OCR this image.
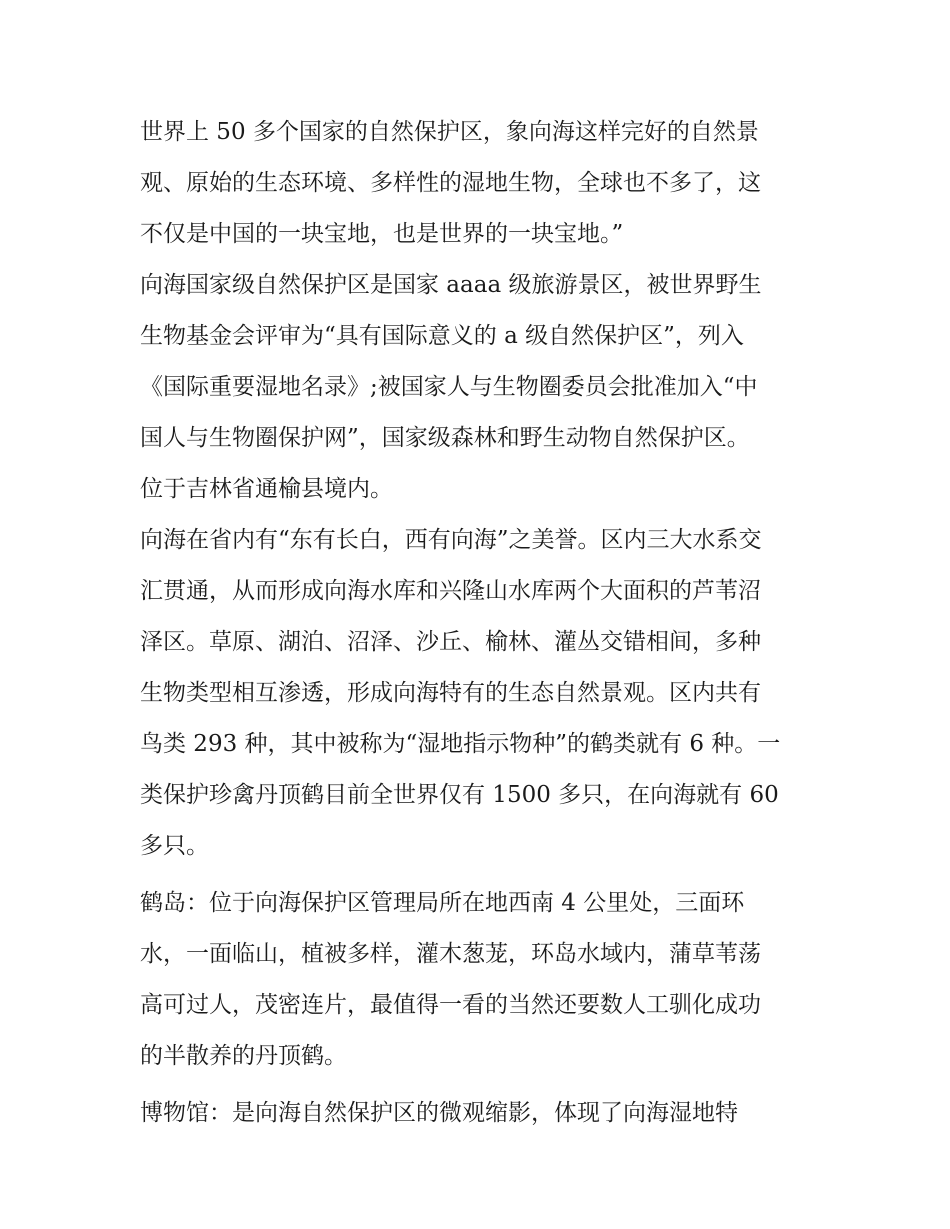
世界上 50 多个国家的自然保护区，象向海这样完好的自然景
观、原始的生态环境、多样性的湿地生物，全球也不多了，这
不仅是中国的一块宝地，也是世界的一块宝地。”
向海国家级自然保护区是国家 aaaa 级旅游景区，被世界野生
生物基金会评审为“具有国际意义的 a 级自然保护区”，列入
《国际重要湿地名录》;被国家人与生物圈委员会批准加入“中
国人与生物圈保护网”，国家级森林和野生动物自然保护区。
位于吉林省通榆县境内。
向海在省内有“东有长白，西有向海”之美誉。区内三大水系交
汇贯通，从而形成向海水库和兴隆山水库两个大面积的芦苇沼
泽区。草原、湖泊、沼泽、沙丘、榆林、灌丛交错相间，多种
生物类型相互渗透，形成向海特有的生态自然景观。区内共有
鸟类 293 种，其中被称为“湿地指示物种”的鹤类就有 6 种。一
类保护珍禽丹顶鹤目前全世界仅有 1500 多只，在向海就有 60
多只。
鹤岛：位于向海保护区管理局所在地西南 4 公里处，三面环
水，一面临山，植被多样，灌木葱茏，环岛水域内，蒲草苇荡
高可过人，茂密连片，最值得一看的当然还要数人工驯化成功
的半散养的丹顶鹤。
博物馆：是向海自然保护区的微观缩影，体现了向海湿地特
